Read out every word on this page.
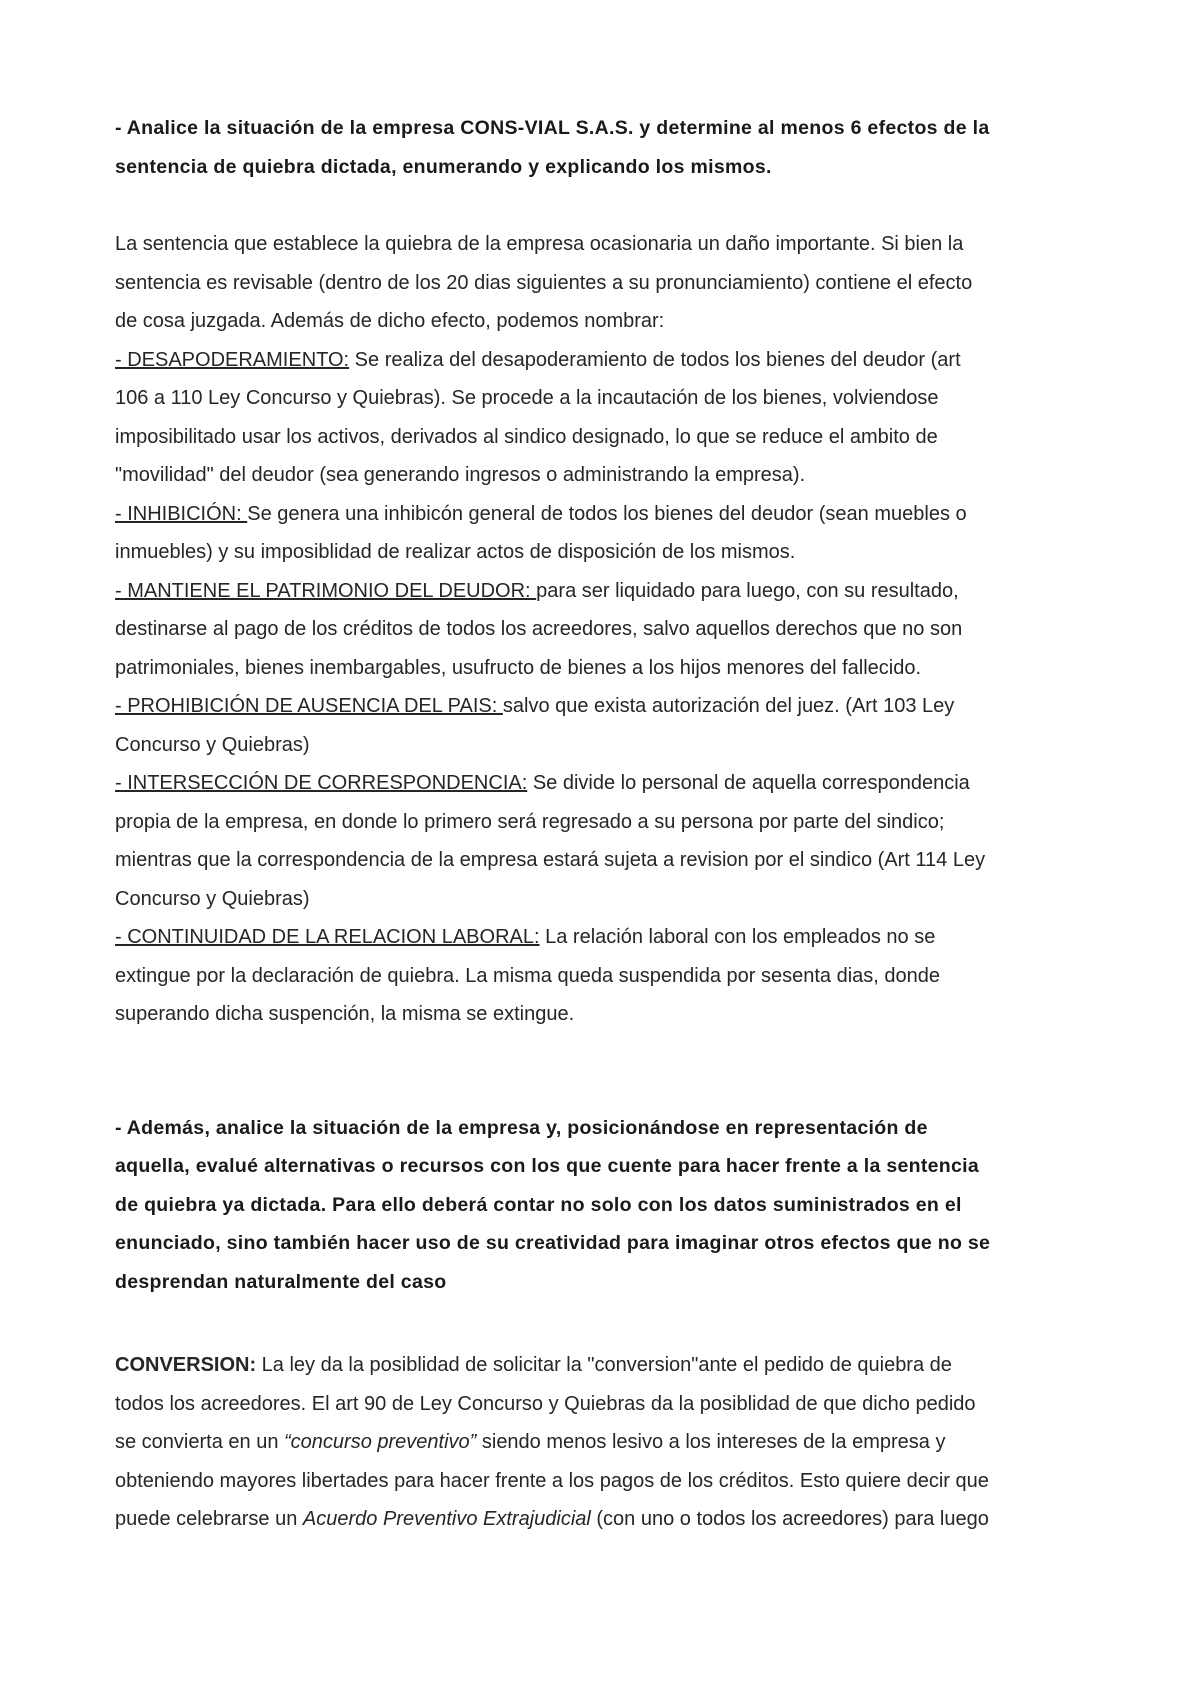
- Analice la situación de la empresa CONS-VIAL S.A.S. y determine al menos 6 efectos de la

sentencia de quiebra dictada, enumerando y explicando los mismos.

La sentencia que establece la quiebra de la empresa ocasionaria un daño importante. Si bien la

sentencia es revisable (dentro de los 20 dias siguientes a su pronunciamiento) contiene el efecto

de cosa juzgada. Además de dicho efecto, podemos nombrar:

- DESAPODERAMIENTO: Se realiza del desapoderamiento de todos los bienes del deudor (art

106 a 110 Ley Concurso y Quiebras). Se procede a la incautación de los bienes, volviendose

imposibilitado usar los activos, derivados al sindico designado, lo que se reduce el ambito de

"movilidad" del deudor (sea generando ingresos o administrando la empresa).

- INHIBICIÓN: Se genera una inhibicón general de todos los bienes del deudor (sean muebles o

inmuebles) y su imposiblidad de realizar actos de disposición de los mismos.

- MANTIENE EL PATRIMONIO DEL DEUDOR: para ser liquidado para luego, con su resultado,

destinarse al pago de los créditos de todos los acreedores, salvo aquellos derechos que no son

patrimoniales, bienes inembargables, usufructo de bienes a los hijos menores del fallecido.

- PROHIBICIÓN DE AUSENCIA DEL PAIS: salvo que exista autorización del juez. (Art 103 Ley

Concurso y Quiebras)

- INTERSECCIÓN DE CORRESPONDENCIA: Se divide lo personal de aquella correspondencia

propia de la empresa, en donde lo primero será regresado a su persona por parte del sindico;

mientras que la correspondencia de la empresa estará sujeta a revision por el sindico (Art 114 Ley

Concurso y Quiebras)

- CONTINUIDAD DE LA RELACION LABORAL: La relación laboral con los empleados no se

extingue por la declaración de quiebra. La misma queda suspendida por sesenta dias, donde

superando dicha suspención, la misma se extingue.

- Además, analice la situación de la empresa y, posicionándose en representación de

aquella, evalué alternativas o recursos con los que cuente para hacer frente a la sentencia

de quiebra ya dictada. Para ello deberá contar no solo con los datos suministrados en el

enunciado, sino también hacer uso de su creatividad para imaginar otros efectos que no se

desprendan naturalmente del caso

CONVERSION: La ley da la posiblidad de solicitar la "conversion"ante el pedido de quiebra de

todos los acreedores. El art 90 de Ley Concurso y Quiebras da la posiblidad de que dicho pedido

se convierta en un “concurso preventivo” siendo menos lesivo a los intereses de la empresa y

obteniendo mayores libertades para hacer frente a los pagos de los créditos. Esto quiere decir que

puede celebrarse un Acuerdo Preventivo Extrajudicial (con uno o todos los acreedores) para luego
